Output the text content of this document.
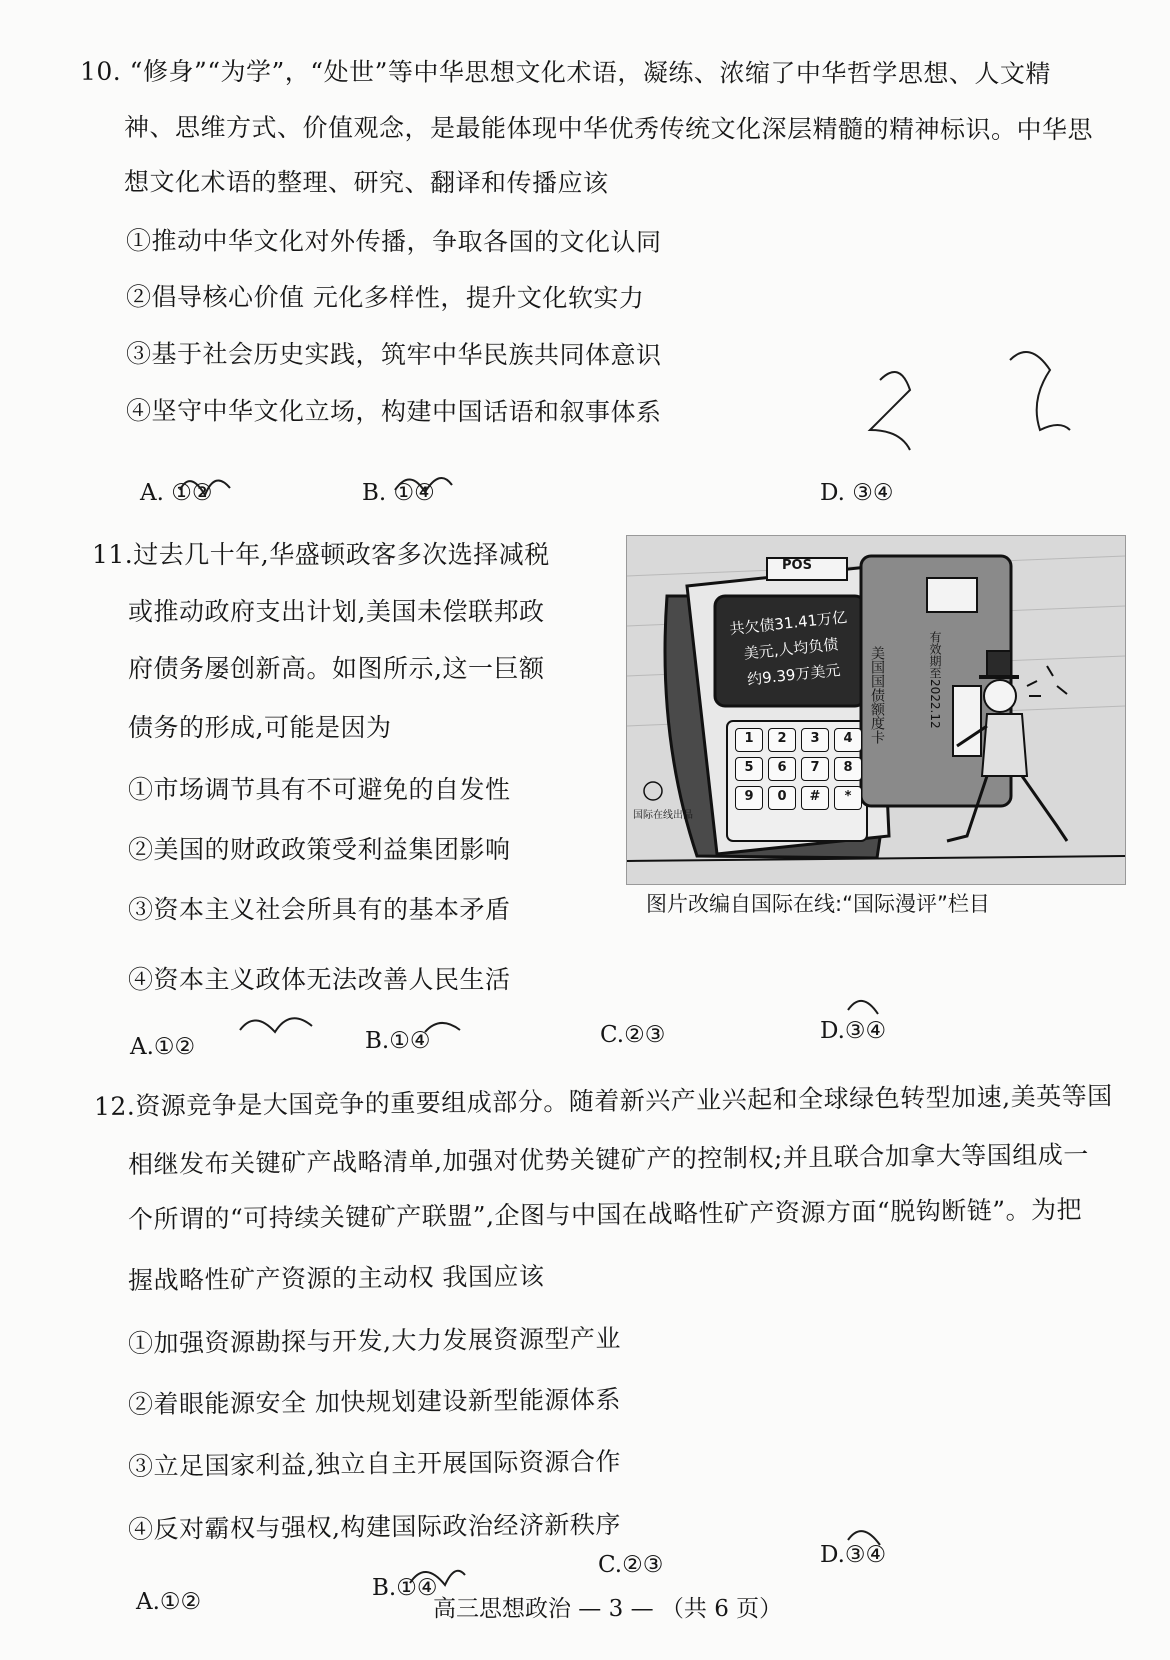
10. “修身”“为学”，“处世”等中华思想文化术语，凝练、浓缩了中华哲学思想、人文精
神、思维方式、价值观念，是最能体现中华优秀传统文化深层精髓的精神标识。中华思
想文化术语的整理、研究、翻译和传播应该
①推动中华文化对外传播，争取各国的文化认同
②倡导核心价值 元化多样性，提升文化软实力
③基于社会历史实践，筑牢中华民族共同体意识
④坚守中华文化立场，构建中国话语和叙事体系
A. ①②	B. ①④	D. ③④
11.过去几十年,华盛顿政客多次选择减税
或推动政府支出计划,美国未偿联邦政
府债务屡创新高。如图所示,这一巨额
债务的形成,可能是因为
①市场调节具有不可避免的自发性
②美国的财政政策受利益集团影响
③资本主义社会所具有的基本矛盾
④资本主义政体无法改善人民生活
A.①②	B.①④	C.②③	D.③④
共欠债31.41万亿
美元,人均负债
约9.39万美元
POS
1	2	3	4
5	6	7	8
9	0	#	*
美国国债额度卡	有效期至2022.12
国际在线出品
图片改编自国际在线:“国际漫评”栏目
12.资源竞争是大国竞争的重要组成部分。随着新兴产业兴起和全球绿色转型加速,美英等国
相继发布关键矿产战略清单,加强对优势关键矿产的控制权;并且联合加拿大等国组成一
个所谓的“可持续关键矿产联盟”,企图与中国在战略性矿产资源方面“脱钩断链”。为把
握战略性矿产资源的主动权 我国应该
①加强资源勘探与开发,大力发展资源型产业
②着眼能源安全 加快规划建设新型能源体系
③立足国家利益,独立自主开展国际资源合作
④反对霸权与强权,构建国际政治经济新秩序
A.①②
B.①④
C.②③	D.③④
高三思想政治 — 3 — （共 6 页）
